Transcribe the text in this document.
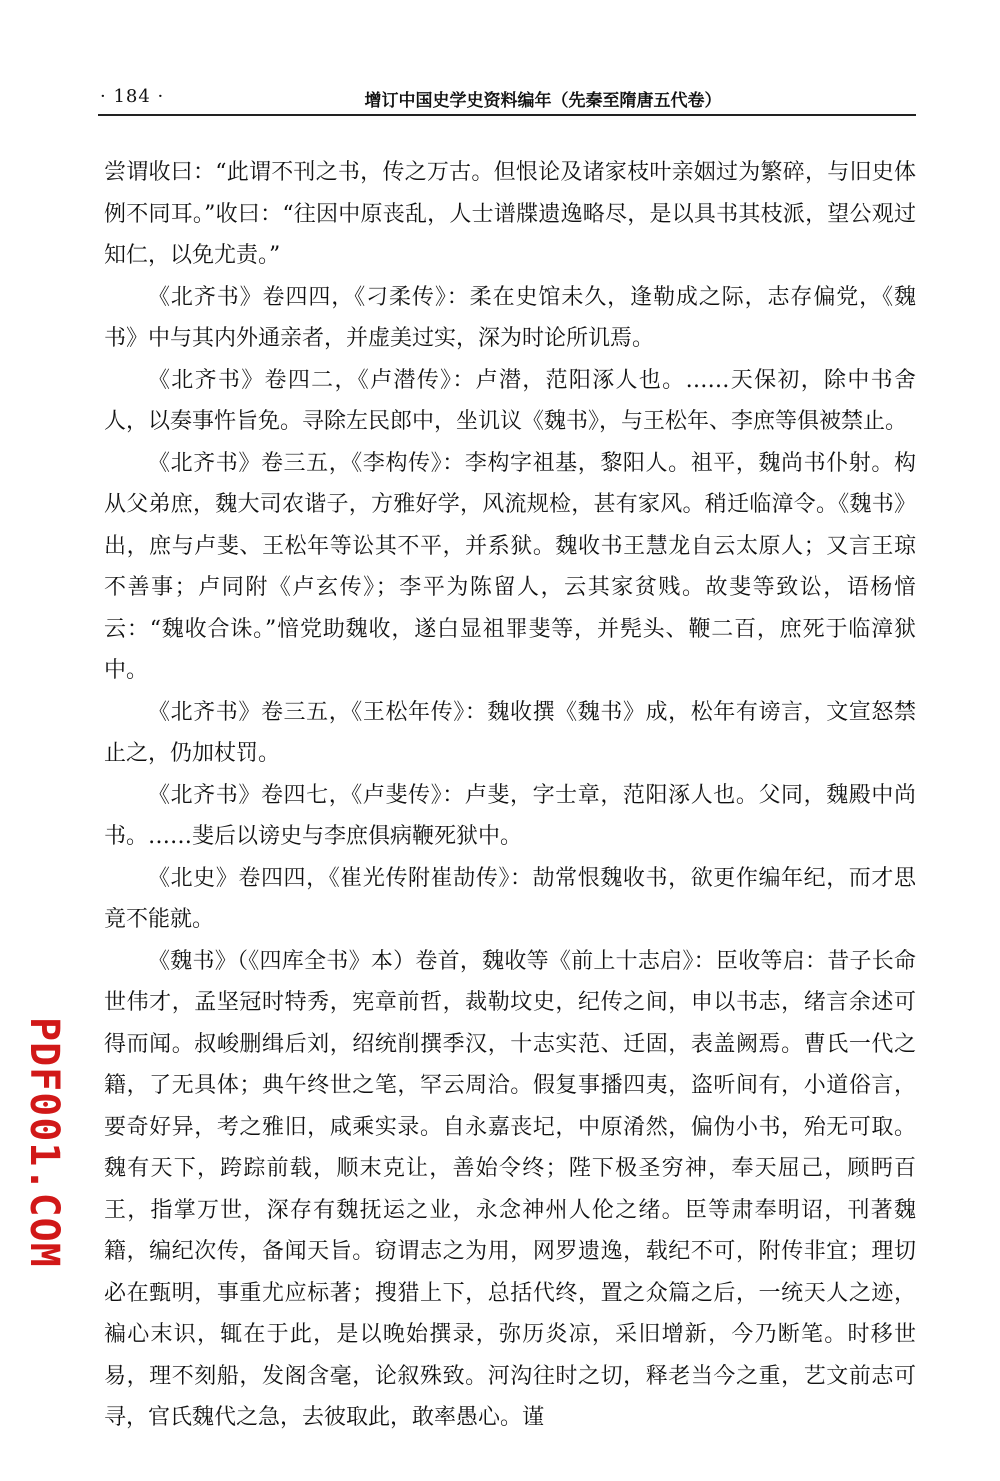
· 184 ·	增订中国史学史资料编年（先秦至隋唐五代卷）

尝谓收曰：“此谓不刊之书，传之万古。但恨论及诸家枝叶亲姻过为繁碎，与旧史体例不同耳。”收曰：“往因中原丧乱，人士谱牒遗逸略尽，是以具书其枝派，望公观过知仁，以免尤责。”

《北齐书》卷四四，《刁柔传》：柔在史馆未久，逢勒成之际，志存偏党，《魏书》中与其内外通亲者，并虚美过实，深为时论所讥焉。

《北齐书》卷四二，《卢潜传》：卢潜，范阳涿人也。……天保初，除中书舍人，以奏事忤旨免。寻除左民郎中，坐讥议《魏书》，与王松年、李庶等俱被禁止。

《北齐书》卷三五，《李构传》：李构字祖基，黎阳人。祖平，魏尚书仆射。构从父弟庶，魏大司农谐子，方雅好学，风流规检，甚有家风。稍迁临漳令。《魏书》出，庶与卢斐、王松年等讼其不平，并系狱。魏收书王慧龙自云太原人；又言王琼不善事；卢同附《卢玄传》；李平为陈留人，云其家贫贱。故斐等致讼，语杨愔云：“魏收合诛。”愔党助魏收，遂白显祖罪斐等，并髡头、鞭二百，庶死于临漳狱中。

《北齐书》卷三五，《王松年传》：魏收撰《魏书》成，松年有谤言，文宣怒禁止之，仍加杖罚。

《北齐书》卷四七，《卢斐传》：卢斐，字士章，范阳涿人也。父同，魏殿中尚书。……斐后以谤史与李庶俱病鞭死狱中。

《北史》卷四四，《崔光传附崔劼传》：劼常恨魏收书，欲更作编年纪，而才思竟不能就。

《魏书》（《四库全书》本）卷首，魏收等《前上十志启》：臣收等启：昔子长命世伟才，孟坚冠时特秀，宪章前哲，裁勒坟史，纪传之间，申以书志，绪言余述可得而闻。叔峻删缉后刘，绍统削撰季汉，十志实范、迁固，表盖阙焉。曹氏一代之籍，了无具体；典午终世之笔，罕云周洽。假复事播四夷，盗听间有，小道俗言，要奇好异，考之雅旧，咸乘实录。自永嘉丧圮，中原淆然，偏伪小书，殆无可取。魏有天下，跨踪前载，顺末克让，善始令终；陛下极圣穷神，奉天屈己，顾眄百王，指掌万世，深存有魏抚运之业，永念神州人伦之绪。臣等肃奉明诏，刊著魏籍，编纪次传，备闻天旨。窃谓志之为用，网罗遗逸，载纪不可，附传非宜；理切必在甄明，事重尤应标著；搜猎上下，总括代终，置之众篇之后，一统天人之迹，褊心末识，辄在于此，是以晚始撰录，弥历炎凉，采旧增新，今乃断笔。时移世易，理不刻船，发阁含毫，论叙殊致。河沟往时之切，释老当今之重，艺文前志可寻，官氏魏代之急，去彼取此，敢率愚心。谨

PDF001.COM
